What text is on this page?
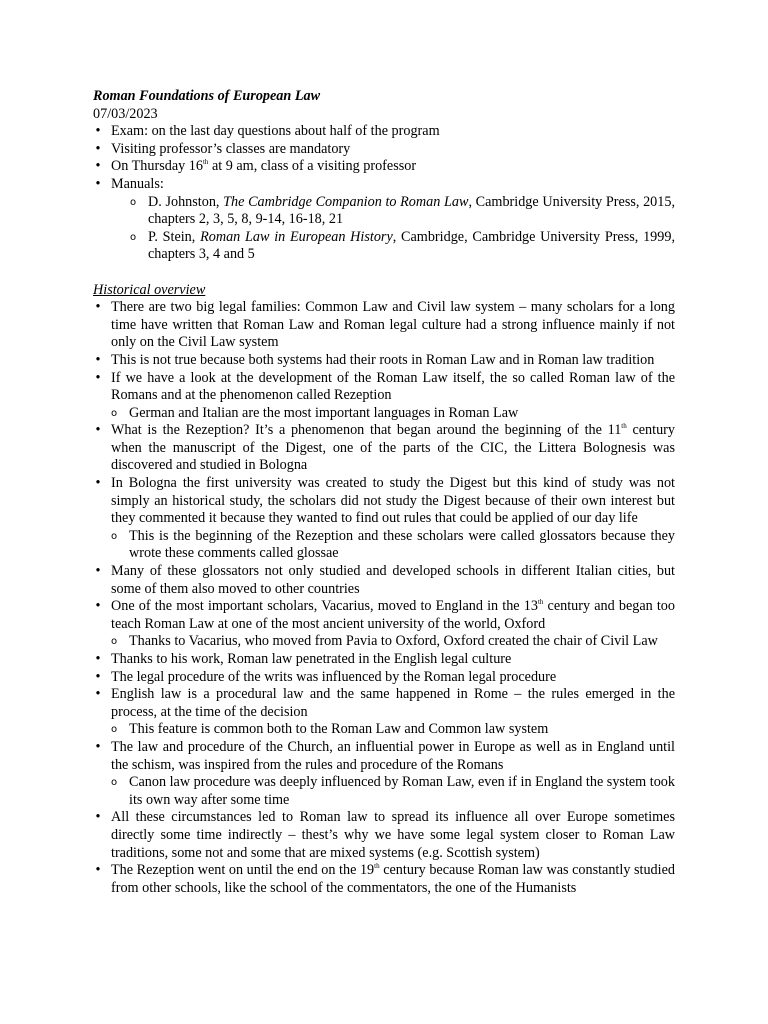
Roman Foundations of European Law
07/03/2023
• Exam: on the last day questions about half of the program
• Visiting professor’s classes are mandatory
• On Thursday 16th at 9 am, class of a visiting professor
• Manuals:
o D. Johnston, The Cambridge Companion to Roman Law, Cambridge University Press, 2015, chapters 2, 3, 5, 8, 9-14, 16-18, 21
o P. Stein, Roman Law in European History, Cambridge, Cambridge University Press, 1999, chapters 3, 4 and 5
Historical overview
• There are two big legal families: Common Law and Civil law system – many scholars for a long time have written that Roman Law and Roman legal culture had a strong influence mainly if not only on the Civil Law system
• This is not true because both systems had their roots in Roman Law and in Roman law tradition
• If we have a look at the development of the Roman Law itself, the so called Roman law of the Romans and at the phenomenon called Rezeption
o German and Italian are the most important languages in Roman Law
• What is the Rezeption? It’s a phenomenon that began around the beginning of the 11th century when the manuscript of the Digest, one of the parts of the CIC, the Littera Bolognesis was discovered and studied in Bologna
• In Bologna the first university was created to study the Digest but this kind of study was not simply an historical study, the scholars did not study the Digest because of their own interest but they commented it because they wanted to find out rules that could be applied of our day life
o This is the beginning of the Rezeption and these scholars were called glossators because they wrote these comments called glossae
• Many of these glossators not only studied and developed schools in different Italian cities, but some of them also moved to other countries
• One of the most important scholars, Vacarius, moved to England in the 13th century and began too teach Roman Law at one of the most ancient university of the world, Oxford
o Thanks to Vacarius, who moved from Pavia to Oxford, Oxford created the chair of Civil Law
• Thanks to his work, Roman law penetrated in the English legal culture
• The legal procedure of the writs was influenced by the Roman legal procedure
• English law is a procedural law and the same happened in Rome – the rules emerged in the process, at the time of the decision
o This feature is common both to the Roman Law and Common law system
• The law and procedure of the Church, an influential power in Europe as well as in England until the schism, was inspired from the rules and procedure of the Romans
o Canon law procedure was deeply influenced by Roman Law, even if in England the system took its own way after some time
• All these circumstances led to Roman law to spread its influence all over Europe sometimes directly some time indirectly – thest’s why we have some legal system closer to Roman Law traditions, some not and some that are mixed systems (e.g. Scottish system)
• The Rezeption went on until the end on the 19th century because Roman law was constantly studied from other schools, like the school of the commentators, the one of the Humanists
